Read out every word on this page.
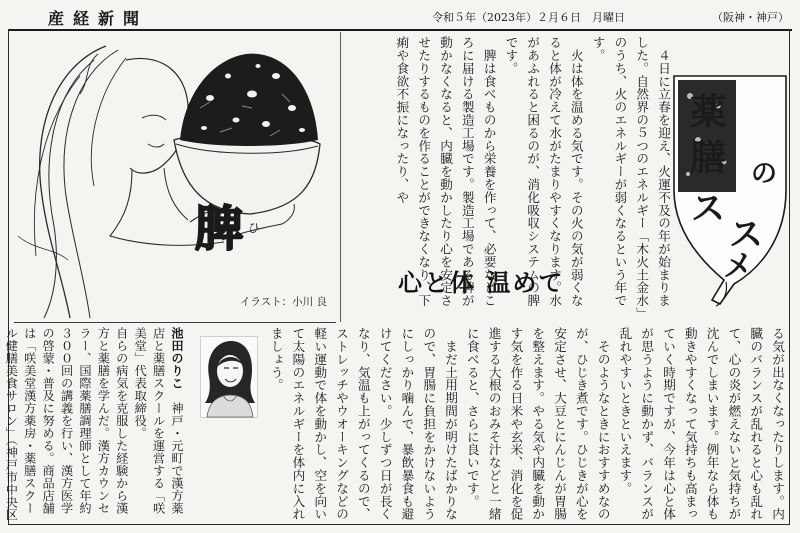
産経新聞	令和５年（2023年）２月６日　月曜日	（阪神・神戸）
脾 ひ
イラスト：小川 良
薬
膳 の
ス
ス
メ
心と体 温めて	　４日に立春を迎え、火運不及の年が始まりました。自然界の５つのエネルギー「木火土金水」のうち、火のエネルギーが弱くなるという年です。

　火は体を温める気です。その火の気が弱くなると体が冷えて水がたまりやすくなります。水があふれると困るのが、消化吸収システムの脾です。

　脾は食べものから栄養を作って、必要なところに届ける製造工場です。製造工場である脾が動かなくなると、内臓を動かしたり心を安定させたりするものを作ることができなくなり、下痢や食欲不振になったり、や

る気が出なくなったりします。内臓のバランスが乱れると心も乱れて、心の炎が燃えないと気持ちが沈んでしまいます。例年なら体も動きやすくなって気持ちも高まっていく時期ですが、今年は心と体が思うように動かず、バランスが乱れやすいときといえます。

　そのようなときにおすすめなのが、ひじき煮です。ひじきが心を安定させ、大豆とにんじんが胃腸を整えます。やる気や内臓を動かす気を作る日米や玄米、消化を促進する大根のおみそ汁などと一緒に食べると、さらに良いです。

　まだ土用期間が明けたばかりなので、胃腸に負担をかけないようにしっかり噛んで、暴飲暴食も避けてください。少しずつ日が長くなり、気温も上がってくるので、ストレッチやウオーキングなどの軽い運動で体を動かし、空を向いて太陽のエネルギーを体内に入れましょう。

池田のりこ　神戸・元町で漢方薬店と薬膳スクールを運営する「咲美堂」代表取締役。

自らの病気を克服した経験から漢方と薬膳を学んだ。漢方カウンセラー、国際薬膳調理師として年約３００回の講義を行い、漢方医学の啓蒙・普及に努める。商品店舗は「咲美堂漢方薬房・薬膳スクール健膳美食サロン」（神戸市中央区
